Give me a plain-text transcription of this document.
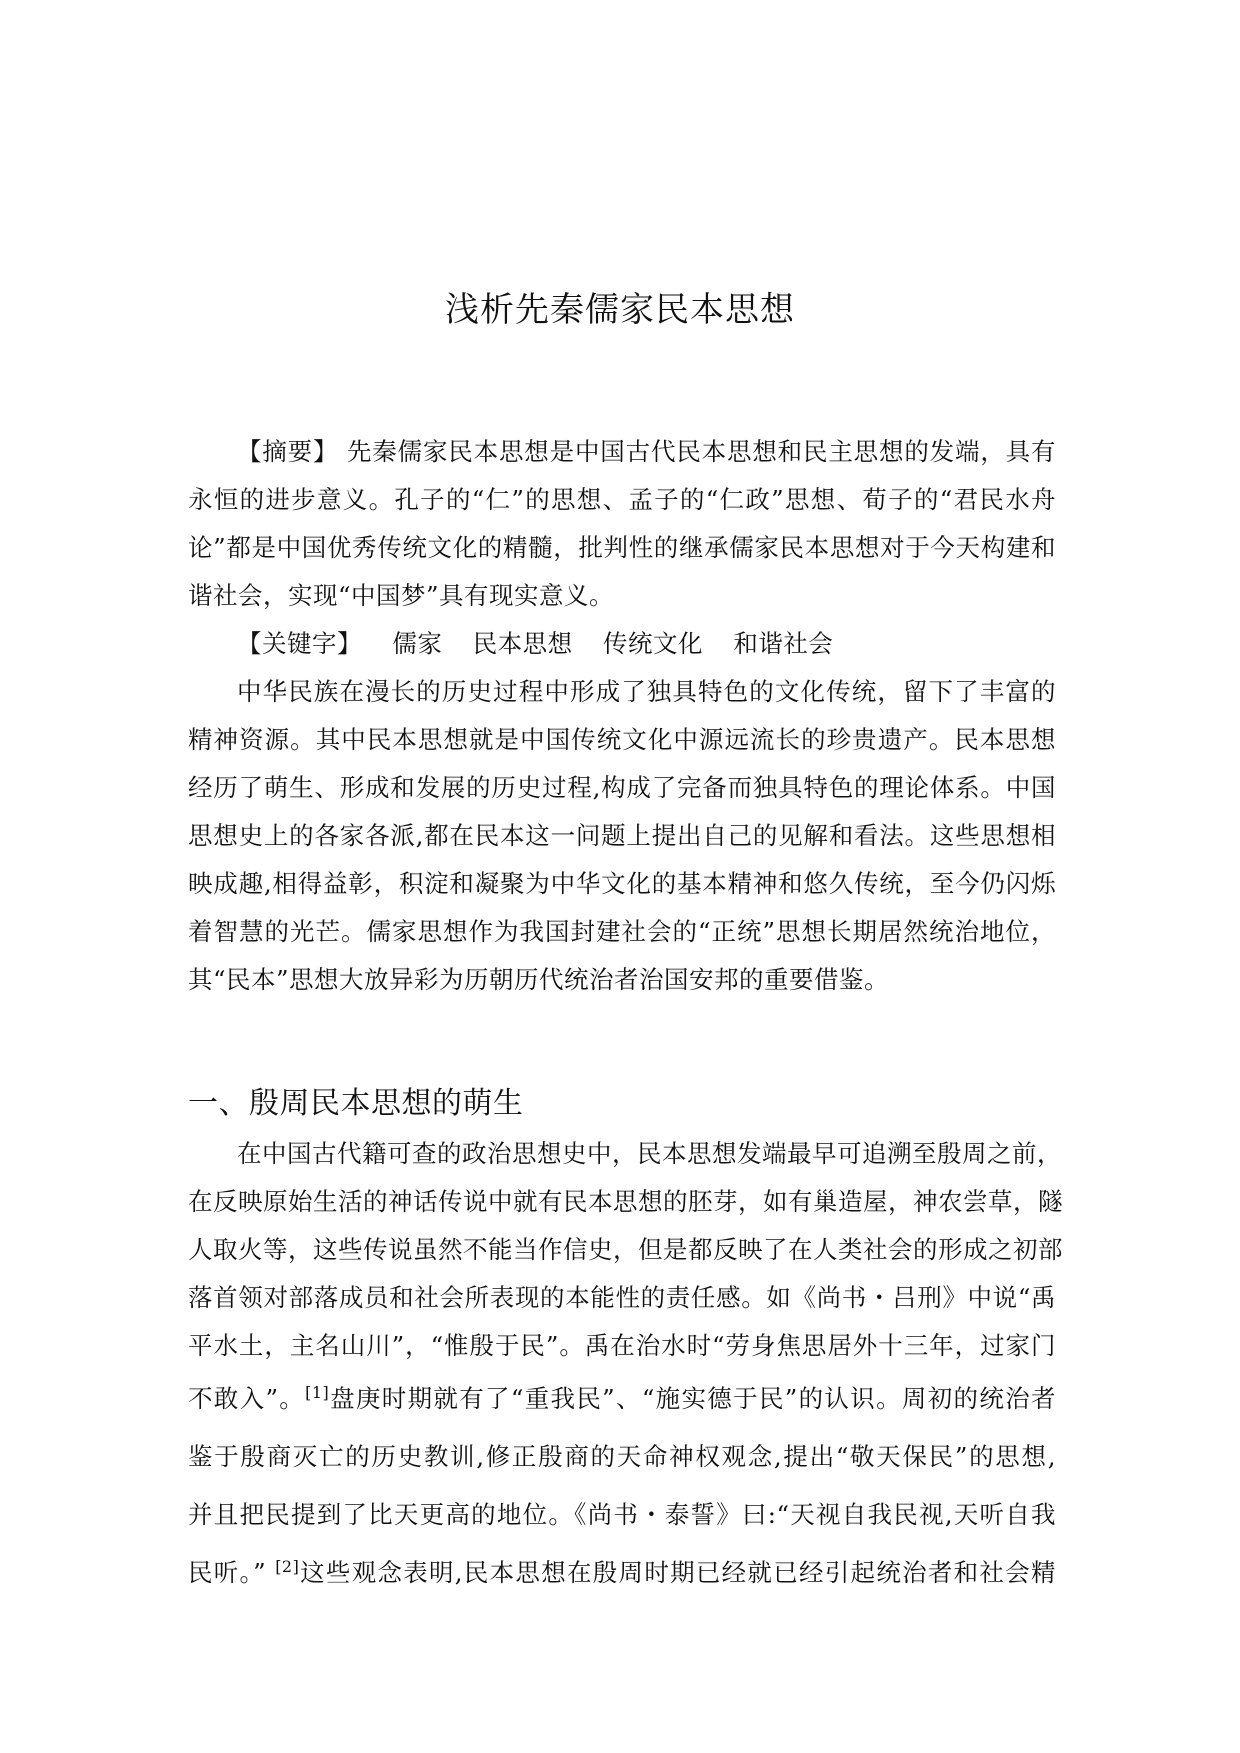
浅析先秦儒家民本思想

【摘要】 先秦儒家民本思想是中国古代民本思想和民主思想的发端，具有永恒的进步意义。孔子的“仁”的思想、孟子的“仁政”思想、荀子的“君民水舟论”都是中国优秀传统文化的精髓，批判性的继承儒家民本思想对于今天构建和谐社会，实现“中国梦”具有现实意义。

【关键字】 儒家 民本思想 传统文化 和谐社会

中华民族在漫长的历史过程中形成了独具特色的文化传统，留下了丰富的精神资源。其中民本思想就是中国传统文化中源远流长的珍贵遗产。民本思想经历了萌生、形成和发展的历史过程,构成了完备而独具特色的理论体系。中国思想史上的各家各派,都在民本这一问题上提出自己的见解和看法。这些思想相映成趣,相得益彰，积淀和凝聚为中华文化的基本精神和悠久传统，至今仍闪烁着智慧的光芒。儒家思想作为我国封建社会的“正统”思想长期居然统治地位，其“民本”思想大放异彩为历朝历代统治者治国安邦的重要借鉴。

一、殷周民本思想的萌生
在中国古代籍可查的政治思想史中，民本思想发端最早可追溯至殷周之前，
在反映原始生活的神话传说中就有民本思想的胚芽，如有巢造屋，神农尝草，隧
人取火等，这些传说虽然不能当作信史，但是都反映了在人类社会的形成之初部
落首领对部落成员和社会所表现的本能性的责任感。如《尚书・吕刑》中说“禹
平水土，主名山川”，“惟殷于民”。禹在治水时“劳身焦思居外十三年，过家门
不敢入”。[1]盘庚时期就有了“重我民”、“施实德于民”的认识。周初的统治者
鉴于殷商灭亡的历史教训,修正殷商的天命神权观念,提出“敬天保民”的思想,
并且把民提到了比天更高的地位。《尚书・泰誓》曰:“天视自我民视,天听自我
民听。” [2]这些观念表明,民本思想在殷周时期已经就已经引起统治者和社会精
